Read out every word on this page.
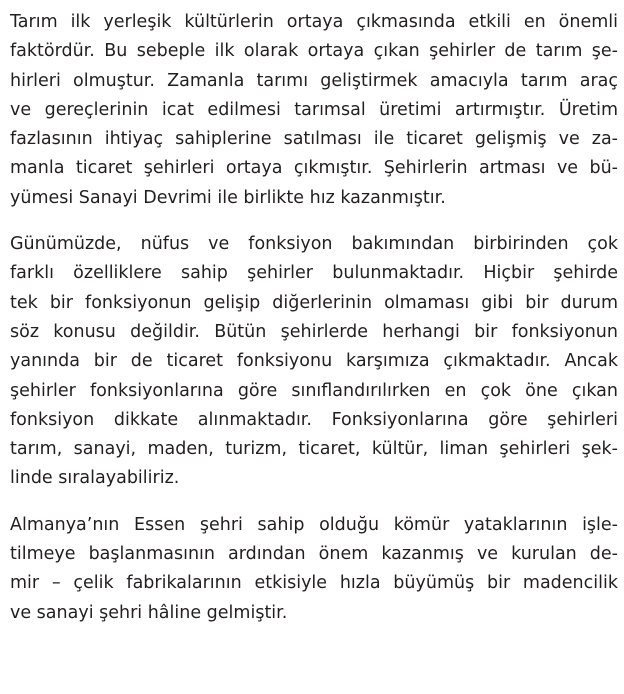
Tarım ilk yerleşik kültürlerin ortaya çıkmasında etkili en önemli
faktördür. Bu sebeple ilk olarak ortaya çıkan şehirler de tarım şe-
hirleri olmuştur. Zamanla tarımı geliştirmek amacıyla tarım araç
ve gereçlerinin icat edilmesi tarımsal üretimi artırmıştır. Üretim
fazlasının ihtiyaç sahiplerine satılması ile ticaret gelişmiş ve za-
manla ticaret şehirleri ortaya çıkmıştır. Şehirlerin artması ve bü-
yümesi Sanayi Devrimi ile birlikte hız kazanmıştır.
Günümüzde, nüfus ve fonksiyon bakımından birbirinden çok
farklı özelliklere sahip şehirler bulunmaktadır. Hiçbir şehirde
tek bir fonksiyonun gelişip diğerlerinin olmaması gibi bir durum
söz konusu değildir. Bütün şehirlerde herhangi bir fonksiyonun
yanında bir de ticaret fonksiyonu karşımıza çıkmaktadır. Ancak
şehirler fonksiyonlarına göre sınıflandırılırken en çok öne çıkan
fonksiyon dikkate alınmaktadır. Fonksiyonlarına göre şehirleri
tarım, sanayi, maden, turizm, ticaret, kültür, liman şehirleri şek-
linde sıralayabiliriz.
Almanya’nın Essen şehri sahip olduğu kömür yataklarının işle-
tilmeye başlanmasının ardından önem kazanmış ve kurulan de-
mir – çelik fabrikalarının etkisiyle hızla büyümüş bir madencilik
ve sanayi şehri hâline gelmiştir.
